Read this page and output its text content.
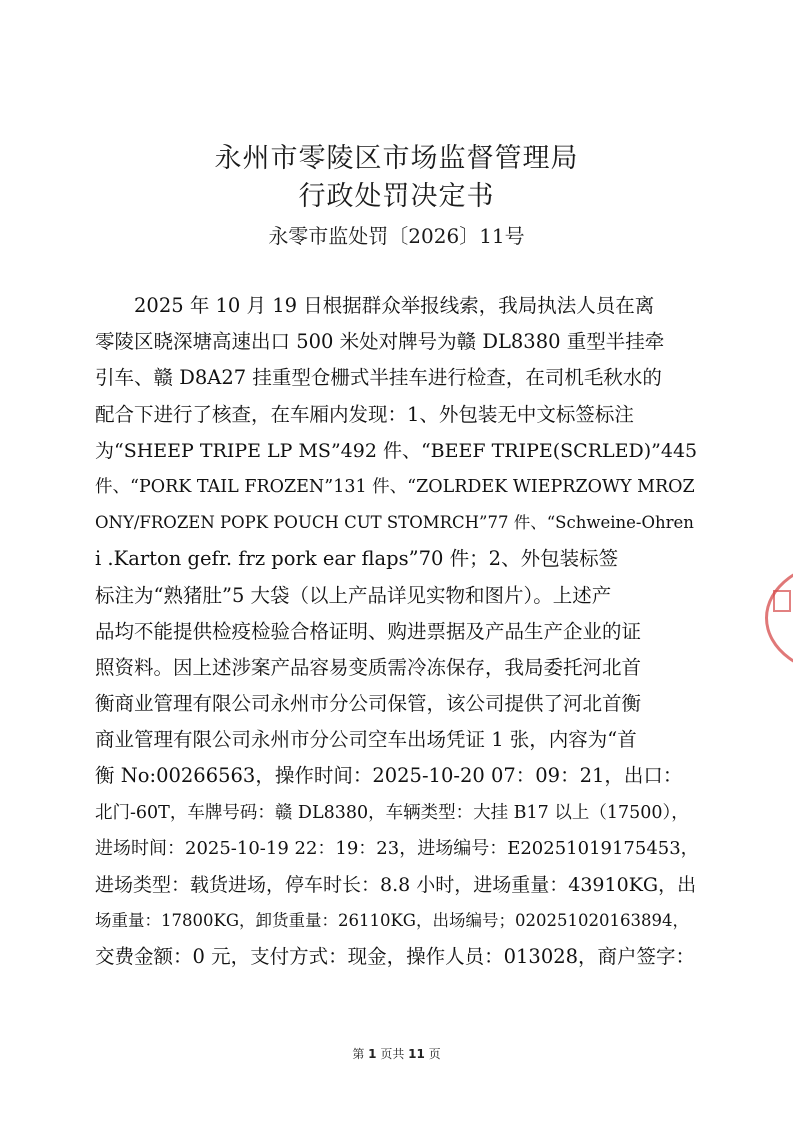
永州市零陵区市场监督管理局
行政处罚决定书
永零市监处罚〔2026〕11号
　　2025 年 10 月 19 日根据群众举报线索，我局执法人员在离
零陵区晓深塘高速出口 500 米处对牌号为赣 DL8380 重型半挂牵
引车、赣 D8A27 挂重型仓栅式半挂车进行检查，在司机毛秋水的
配合下进行了核查，在车厢内发现：1、外包装无中文标签标注
为“SHEEP TRIPE LP MS”492 件、“BEEF TRIPE(SCRLED)”445
件、“PORK TAIL FROZEN”131 件、“ZOLRDEK WIEPRZOWY MROZ
ONY/FROZEN POPK POUCH CUT STOMRCH”77 件、“Schweine-Ohren
i .Karton gefr. frz pork ear flaps”70 件；2、外包装标签
标注为“熟猪肚”5 大袋（以上产品详见实物和图片）。上述产
品均不能提供检疫检验合格证明、购进票据及产品生产企业的证
照资料。因上述涉案产品容易变质需冷冻保存，我局委托河北首
衡商业管理有限公司永州市分公司保管，该公司提供了河北首衡
商业管理有限公司永州市分公司空车出场凭证 1 张，内容为“首
衡 No:00266563，操作时间：2025-10-20 07：09：21，出口：
北门-60T，车牌号码：赣 DL8380，车辆类型：大挂 B17 以上（17500），
进场时间：2025-10-19 22：19：23，进场编号：E20251019175453，
进场类型：载货进场，停车时长：8.8 小时，进场重量：43910KG，出
场重量：17800KG，卸货重量：26110KG，出场编号；020251020163894，
交费金额：0 元，支付方式：现金，操作人员：013028，商户签字：
第 1 页共 11 页
